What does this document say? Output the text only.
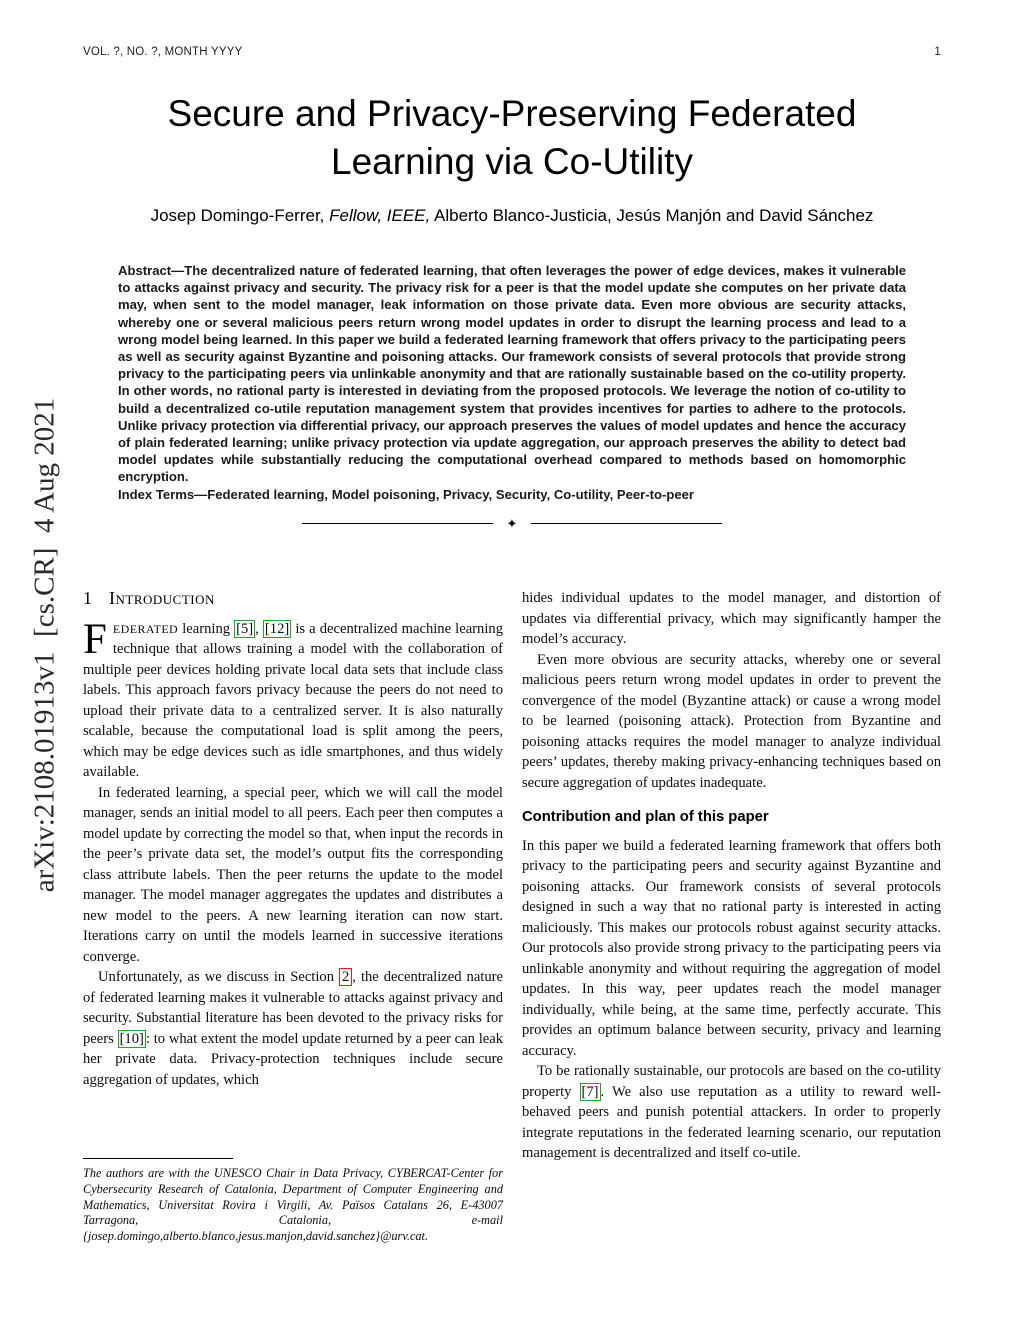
arXiv:2108.01913v1  [cs.CR]  4 Aug 2021
VOL. ?, NO. ?, MONTH YYYY	1
Secure and Privacy-Preserving Federated Learning via Co-Utility
Josep Domingo-Ferrer, Fellow, IEEE, Alberto Blanco-Justicia, Jesús Manjón and David Sánchez
Abstract—The decentralized nature of federated learning, that often leverages the power of edge devices, makes it vulnerable to attacks against privacy and security. The privacy risk for a peer is that the model update she computes on her private data may, when sent to the model manager, leak information on those private data. Even more obvious are security attacks, whereby one or several malicious peers return wrong model updates in order to disrupt the learning process and lead to a wrong model being learned. In this paper we build a federated learning framework that offers privacy to the participating peers as well as security against Byzantine and poisoning attacks. Our framework consists of several protocols that provide strong privacy to the participating peers via unlinkable anonymity and that are rationally sustainable based on the co-utility property. In other words, no rational party is interested in deviating from the proposed protocols. We leverage the notion of co-utility to build a decentralized co-utile reputation management system that provides incentives for parties to adhere to the protocols. Unlike privacy protection via differential privacy, our approach preserves the values of model updates and hence the accuracy of plain federated learning; unlike privacy protection via update aggregation, our approach preserves the ability to detect bad model updates while substantially reducing the computational overhead compared to methods based on homomorphic encryption.
Index Terms—Federated learning, Model poisoning, Privacy, Security, Co-utility, Peer-to-peer
✦
1 Introduction

FEDERATED learning [5] , [12] is a decentralized machine learning technique that allows training a model with the collaboration of multiple peer devices holding private local data sets that include class labels. This approach favors privacy because the peers do not need to upload their private data to a centralized server. It is also naturally scalable, because the computational load is split among the peers, which may be edge devices such as idle smartphones, and thus widely available.

In federated learning, a special peer, which we will call the model manager, sends an initial model to all peers. Each peer then computes a model update by correcting the model so that, when input the records in the peer’s private data set, the model’s output fits the corresponding class attribute labels. Then the peer returns the update to the model manager. The model manager aggregates the updates and distributes a new model to the peers. A new learning iteration can now start. Iterations carry on until the models learned in successive iterations converge.

Unfortunately, as we discuss in Section 2 , the decentralized nature of federated learning makes it vulnerable to attacks against privacy and security. Substantial literature has been devoted to the privacy risks for peers [10] : to what extent the model update returned by a peer can leak her private data. Privacy-protection techniques include secure aggregation of updates, which

hides individual updates to the model manager, and distortion of updates via differential privacy, which may significantly hamper the model’s accuracy.

Even more obvious are security attacks, whereby one or several malicious peers return wrong model updates in order to prevent the convergence of the model (Byzantine attack) or cause a wrong model to be learned (poisoning attack). Protection from Byzantine and poisoning attacks requires the model manager to analyze individual peers’ updates, thereby making privacy-enhancing techniques based on secure aggregation of updates inadequate.

Contribution and plan of this paper

In this paper we build a federated learning framework that offers both privacy to the participating peers and security against Byzantine and poisoning attacks. Our framework consists of several protocols designed in such a way that no rational party is interested in acting maliciously. This makes our protocols robust against security attacks. Our protocols also provide strong privacy to the participating peers via unlinkable anonymity and without requiring the aggregation of model updates. In this way, peer updates reach the model manager individually, while being, at the same time, perfectly accurate. This provides an optimum balance between security, privacy and learning accuracy.

To be rationally sustainable, our protocols are based on the co-utility property [7] . We also use reputation as a utility to reward well-behaved peers and punish potential attackers. In order to properly integrate reputations in the federated learning scenario, our reputation management is decentralized and itself co-utile.

The authors are with the UNESCO Chair in Data Privacy, CYBERCAT-Center for Cybersecurity Research of Catalonia, Department of Computer Engineering and Mathematics, Universitat Rovira i Virgili, Av. Països Catalans 26, E-43007 Tarragona, Catalonia, e-mail {josep.domingo,alberto.blanco,jesus.manjon,david.sanchez}@urv.cat.
